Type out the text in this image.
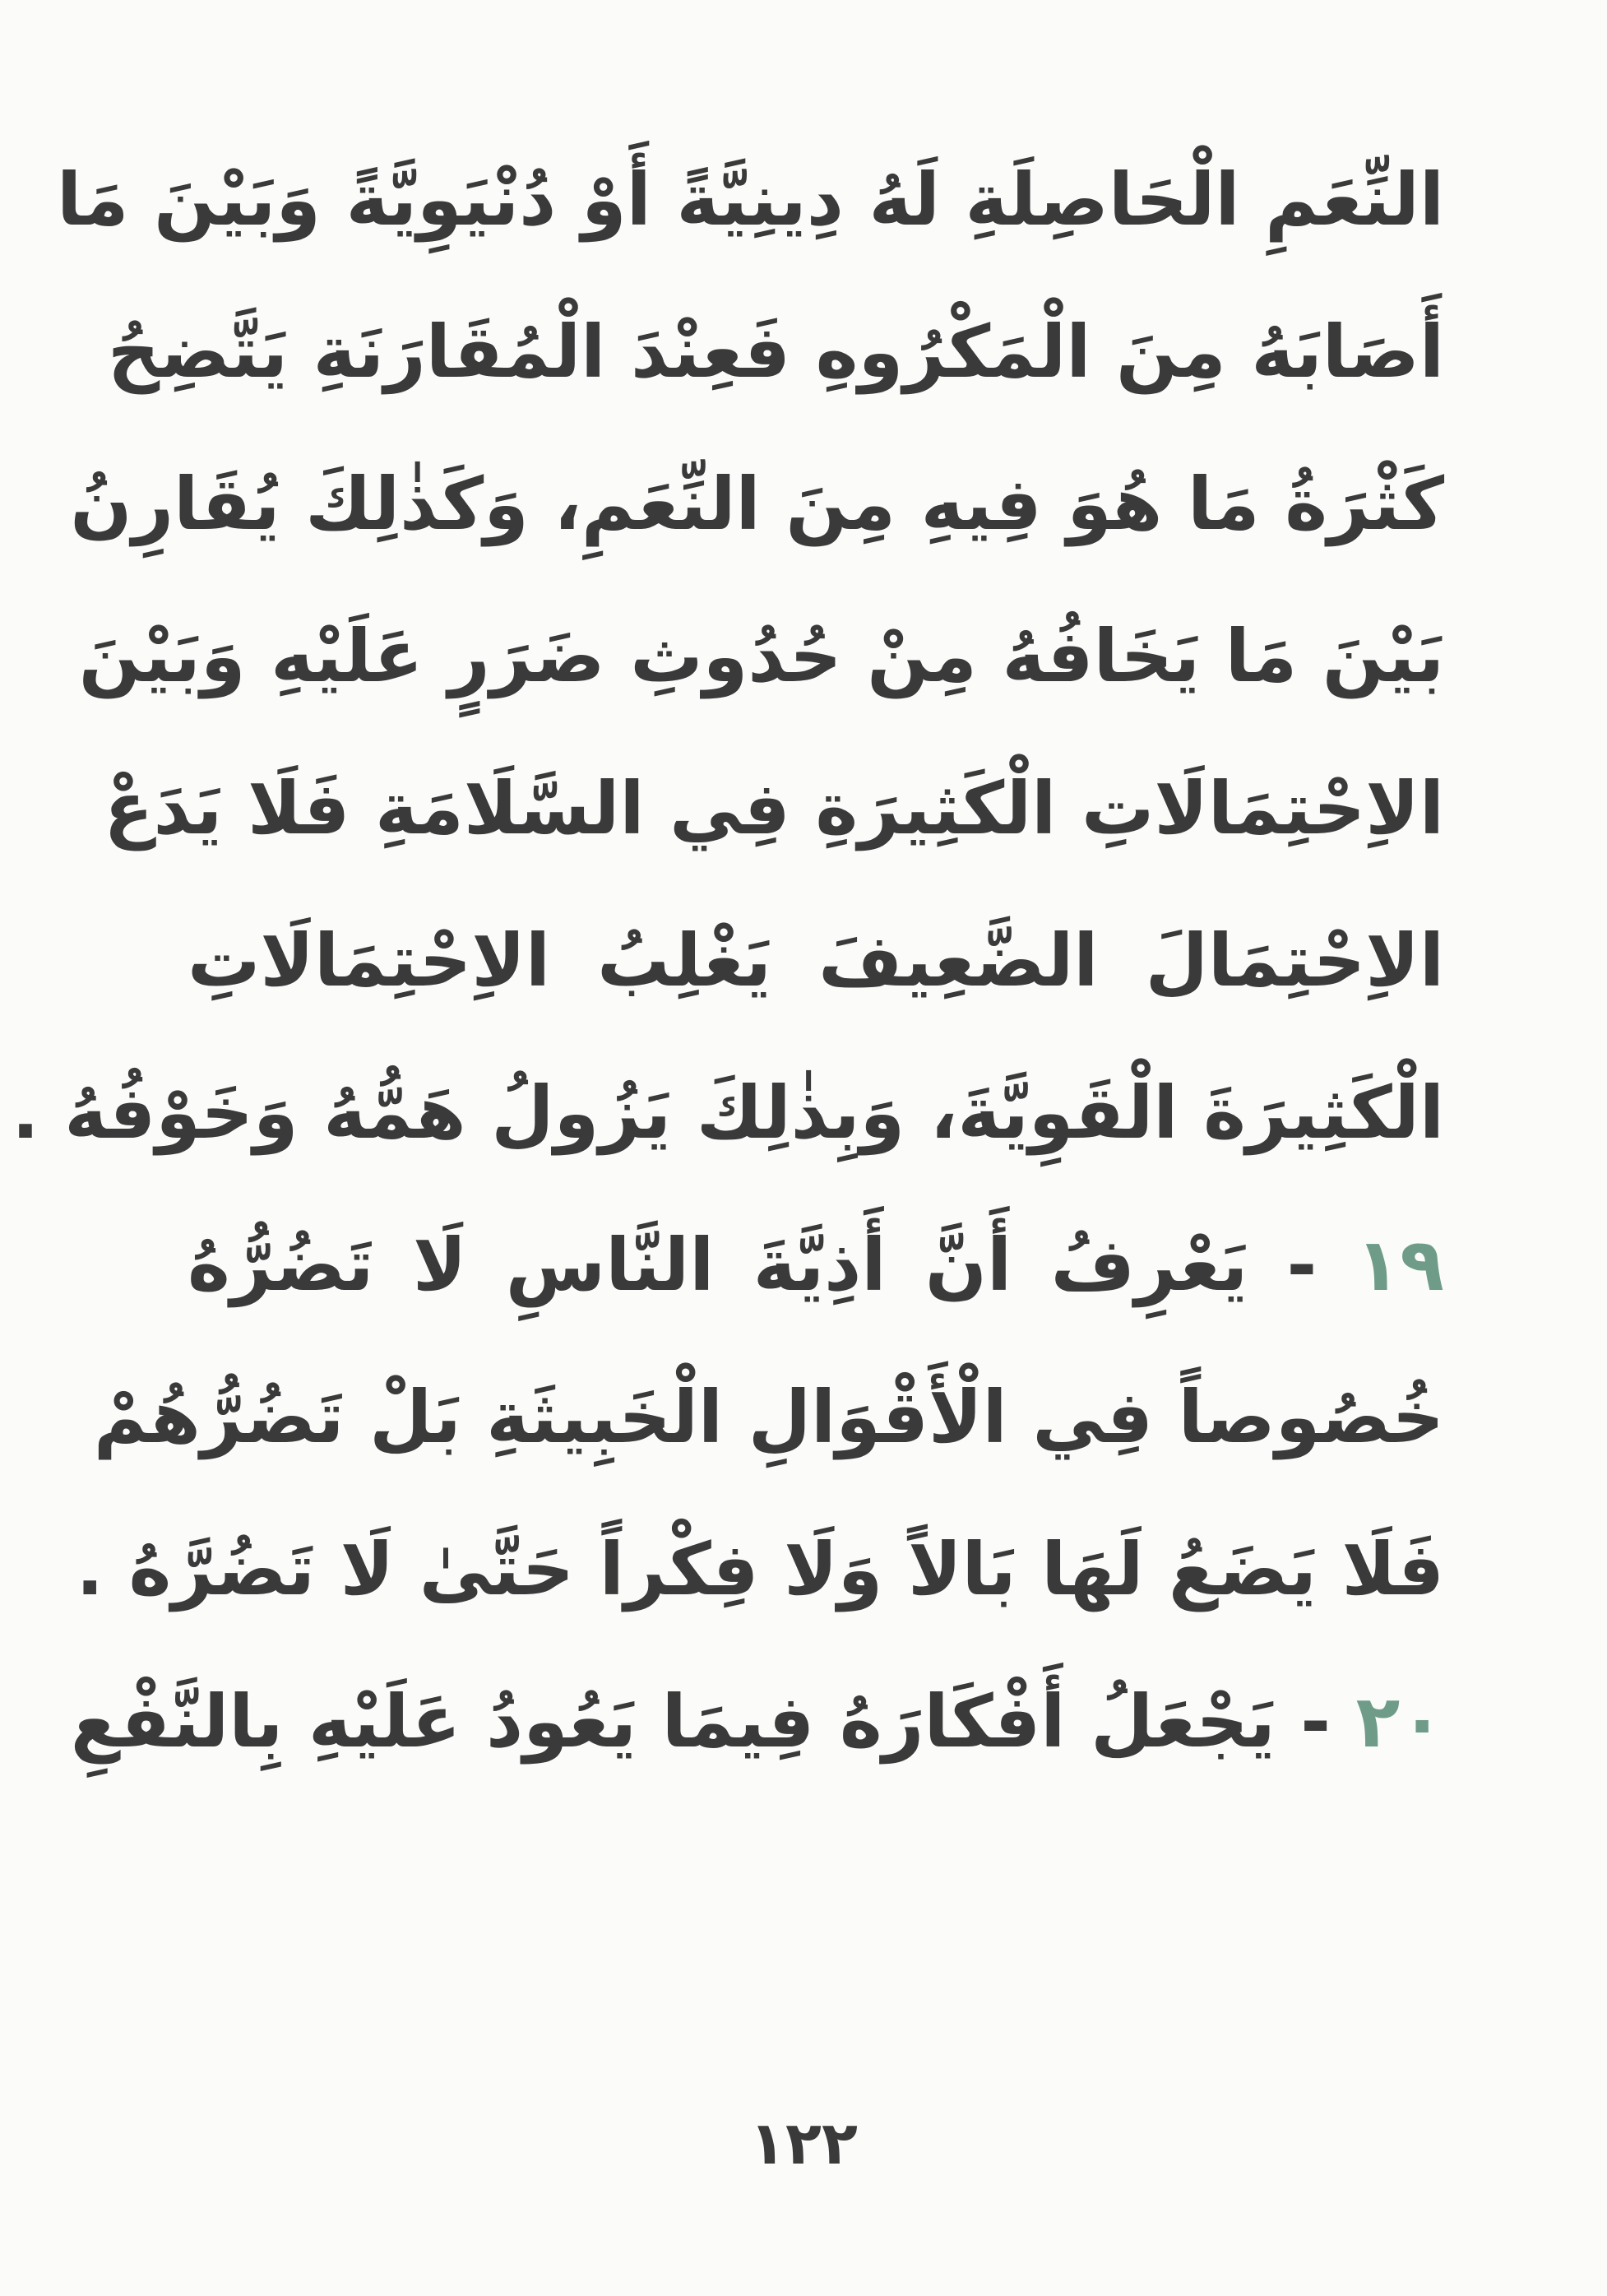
النِّعَمِ الْحَاصِلَةِ لَهُ دِينِيَّةً أَوْ دُنْيَوِيَّةً وَبَيْنَ مَا
أَصَابَهُ مِنَ الْمَكْرُوهِ فَعِنْدَ الْمُقَارَنَةِ يَتَّضِحُ
كَثْرَةُ مَا هُوَ فِيهِ مِنَ النِّعَمِ، وَكَذٰلِكَ يُقَارِنُ
بَيْنَ مَا يَخَافُهُ مِنْ حُدُوثِ ضَرَرٍ عَلَيْهِ وَبَيْنَ
الاِحْتِمَالَاتِ الْكَثِيرَةِ فِي السَّلَامَةِ فَلَا يَدَعْ
الاِحْتِمَالَ الضَّعِيفَ يَغْلِبُ الاِحْتِمَالَاتِ
الْكَثِيرَةَ الْقَوِيَّةَ، وَبِذٰلِكَ يَزُولُ هَمُّهُ وَخَوْفُهُ .
١٩ - يَعْرِفُ أَنَّ أَذِيَّةَ النَّاسِ لَا تَضُرُّهُ
خُصُوصاً فِي الْأَقْوَالِ الْخَبِيثَةِ بَلْ تَضُرُّهُمْ
فَلَا يَضَعُ لَهَا بَالاً وَلَا فِكْراً حَتَّىٰ لَا تَضُرَّهُ .
٢٠ - يَجْعَلُ أَفْكَارَهُ فِيمَا يَعُودُ عَلَيْهِ بِالنَّفْعِ
١٢٢
